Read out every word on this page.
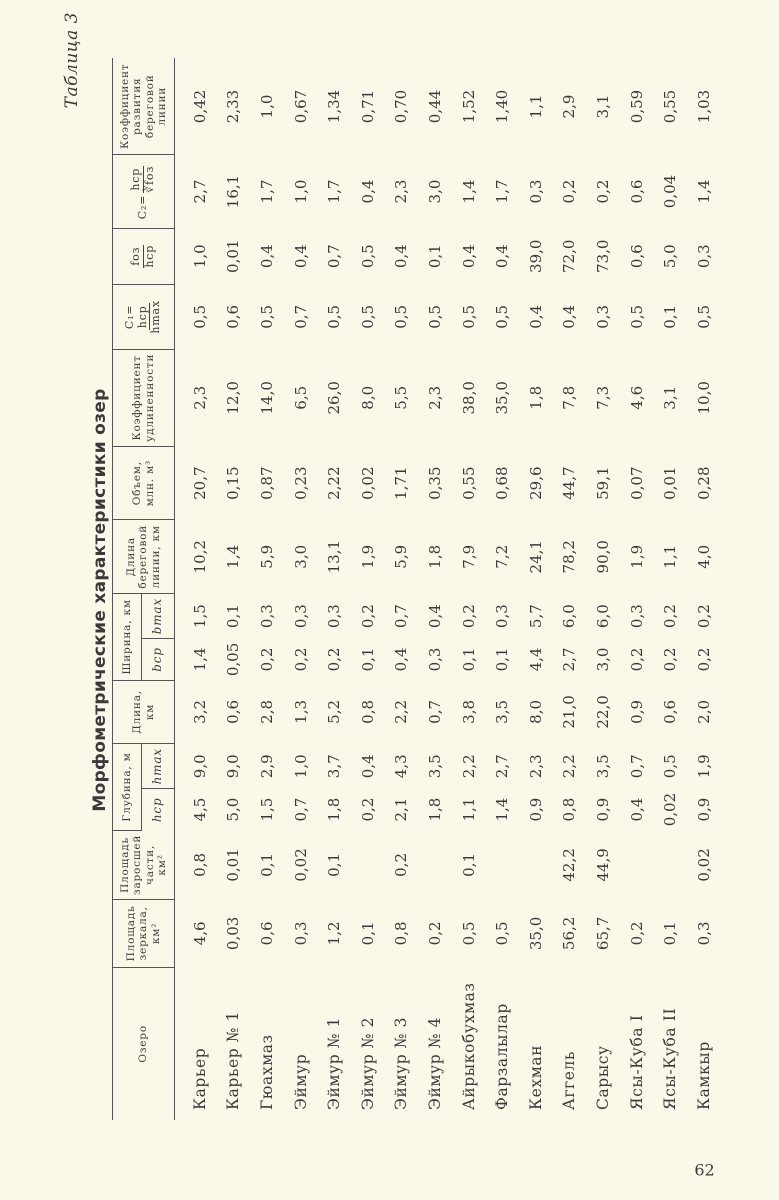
Таблица 3
Морфометрические характеристики озер
Озеро	Площадь зеркала, км²	Площадь заросшей части, км²	Глубина, м		Длина, км	Ширина, км		Длина береговой линии, км	Объем, млн. м³	Коэффициент удлиненности	C₁= hср hmax	fоз hср	C₂=
hср ∛fоз	Коэффициент развития береговой линии
			hср	hmax		bср	bmax							
Карьер	4,6	0,8	4,5	9,0	3,2	1,4	1,5	10,2	20,7	2,3	0,5	1,0	2,7	0,42
Карьер № 1	0,03	0,01	5,0	9,0	0,6	0,05	0,1	1,4	0,15	12,0	0,6	0,01	16,1	2,33
Гюахмаз	0,6	0,1	1,5	2,9	2,8	0,2	0,3	5,9	0,87	14,0	0,5	0,4	1,7	1,0
Эймур	0,3	0,02	0,7	1,0	1,3	0,2	0,3	3,0	0,23	6,5	0,7	0,4	1,0	0,67
Эймур № 1	1,2	0,1	1,8	3,7	5,2	0,2	0,3	13,1	2,22	26,0	0,5	0,7	1,7	1,34
Эймур № 2	0,1		0,2	0,4	0,8	0,1	0,2	1,9	0,02	8,0	0,5	0,5	0,4	0,71
Эймур № 3	0,8	0,2	2,1	4,3	2,2	0,4	0,7	5,9	1,71	5,5	0,5	0,4	2,3	0,70
Эймур № 4	0,2		1,8	3,5	0,7	0,3	0,4	1,8	0,35	2,3	0,5	0,1	3,0	0,44
Айрыкобухмаз	0,5	0,1	1,1	2,2	3,8	0,1	0,2	7,9	0,55	38,0	0,5	0,4	1,4	1,52
Фарзалылар	0,5		1,4	2,7	3,5	0,1	0,3	7,2	0,68	35,0	0,5	0,4	1,7	1,40
Кехман	35,0		0,9	2,3	8,0	4,4	5,7	24,1	29,6	1,8	0,4	39,0	0,3	1,1
Аггель	56,2	42,2	0,8	2,2	21,0	2,7	6,0	78,2	44,7	7,8	0,4	72,0	0,2	2,9
Сарысу	65,7	44,9	0,9	3,5	22,0	3,0	6,0	90,0	59,1	7,3	0,3	73,0	0,2	3,1
Ясы-Куба I	0,2		0,4	0,7	0,9	0,2	0,3	1,9	0,07	4,6	0,5	0,6	0,6	0,59
Ясы-Куба II	0,1		0,02	0,5	0,6	0,2	0,2	1,1	0,01	3,1	0,1	5,0	0,04	0,55
Камкыр	0,3	0,02	0,9	1,9	2,0	0,2	0,2	4,0	0,28	10,0	0,5	0,3	1,4	1,03
62
